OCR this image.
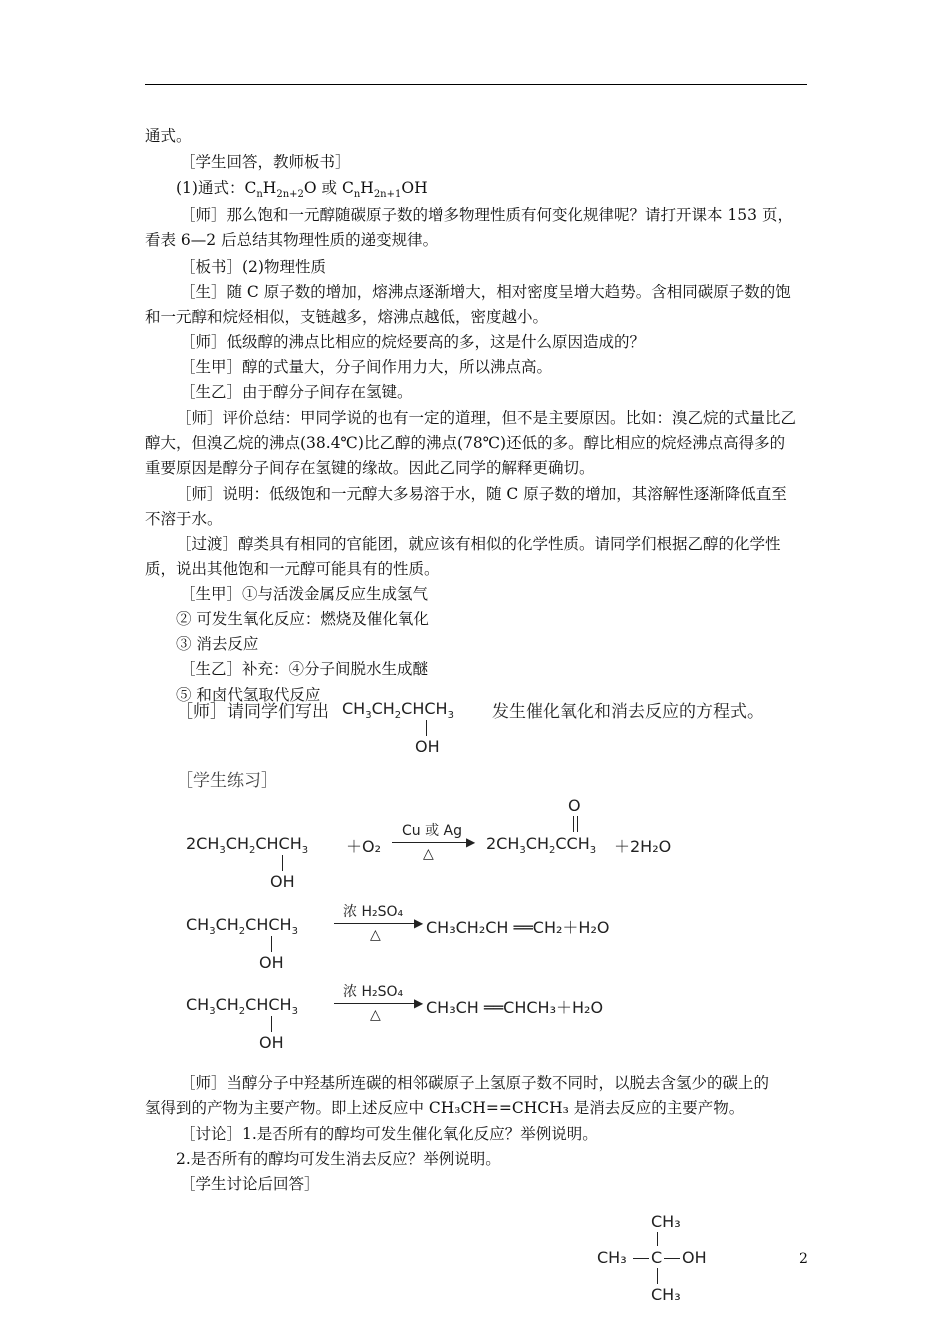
通式。
［学生回答，教师板书］
(1)通式：$C_nH_{2n+2}O$ 或 $C_nH_{2n+1}OH$
［师］那么饱和一元醇随碳原子数的增多物理性质有何变化规律呢？请打开课本 153 页，
看表 6—2 后总结其物理性质的递变规律。
［板书］(2)物理性质
［生］随 C 原子数的增加，熔沸点逐渐增大，相对密度呈增大趋势。含相同碳原子数的饱
和一元醇和烷烃相似，支链越多，熔沸点越低，密度越小。
［师］低级醇的沸点比相应的烷烃要高的多，这是什么原因造成的？
［生甲］醇的式量大，分子间作用力大，所以沸点高。
［生乙］由于醇分子间存在氢键。
［师］评价总结：甲同学说的也有一定的道理，但不是主要原因。比如：溴乙烷的式量比乙
醇大，但溴乙烷的沸点(38.4℃)比乙醇的沸点(78℃)还低的多。醇比相应的烷烃沸点高得多的
重要原因是醇分子间存在氢键的缘故。因此乙同学的解释更确切。
［师］说明：低级饱和一元醇大多易溶于水，随 C 原子数的增加，其溶解性逐渐降低直至
不溶于水。
［过渡］醇类具有相同的官能团，就应该有相似的化学性质。请同学们根据乙醇的化学性
质，说出其他饱和一元醇可能具有的性质。
［生甲］①与活泼金属反应生成氢气
② 可发生氧化反应：燃烧及催化氧化
③ 消去反应
［生乙］补充：④分子间脱水生成醚
⑤ 和卤代氢取代反应
［师］请同学们写出 $CH_3CH_2CHCH_3$
OH
发生催化氧化和消去反应的方程式。
［学生练习］
$2CH_3CH_2CHCH_3$
OH
＋O₂
Cu 或 Ag
▶
△
O
$2CH_3CH_2CCH_3 +2H_2O$
$CH_3CH_2CHCH_3$
OH
浓 H₂SO₄
▶
△	CH₃CH₂CH ══CH₂＋H₂O
$CH_3CH_2CHCH_3$
OH
浓 H₂SO₄
▶
△	CH₃CH ══CHCH₃＋H₂O
［师］当醇分子中羟基所连碳的相邻碳原子上氢原子数不同时，以脱去含氢少的碳上的
氢得到的产物为主要产物。即上述反应中 CH₃CH==CHCH₃ 是消去反应的主要产物。
［讨论］1.是否所有的醇均可发生催化氧化反应？举例说明。
2.是否所有的醇均可发生消去反应？举例说明。
［学生讨论后回答］
CH₃
CH₃ C OH
CH₃
2
